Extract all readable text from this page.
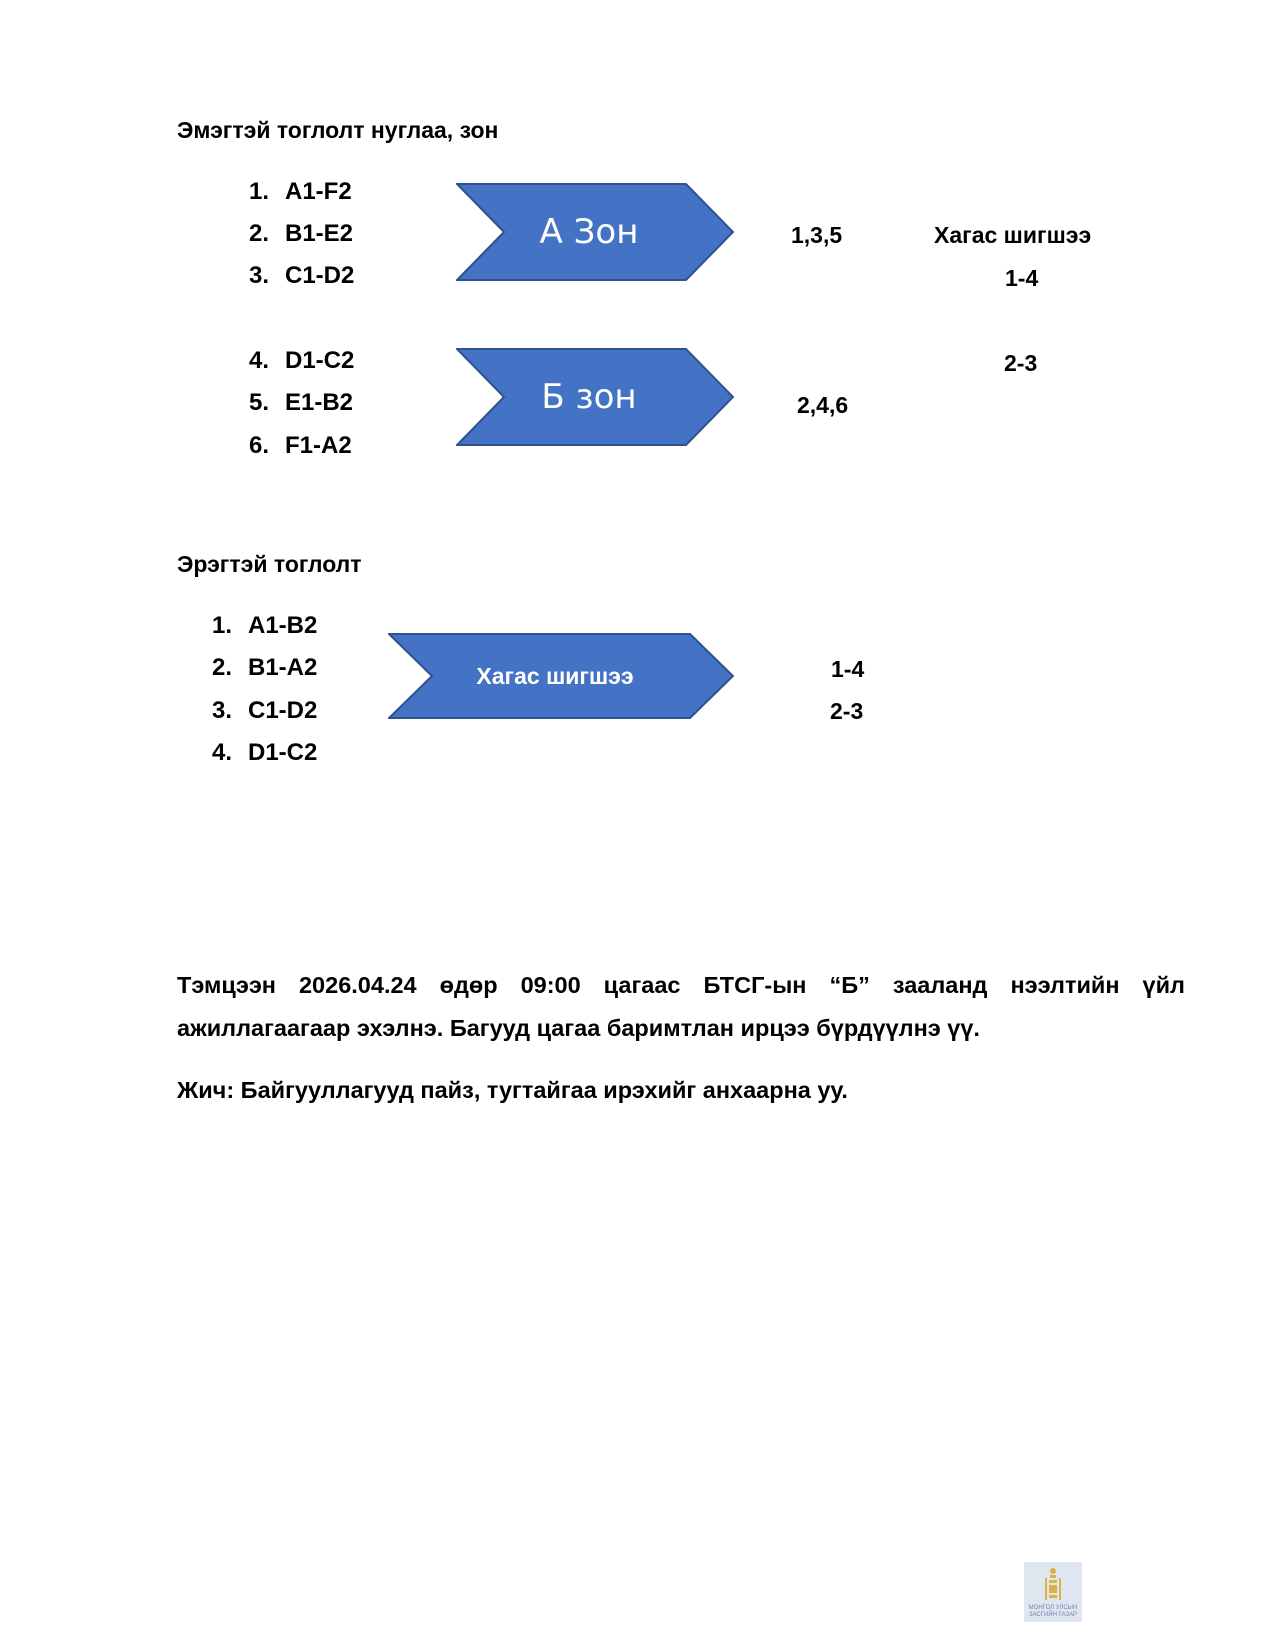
Эмэгтэй тоглолт нуглаа, зон
1. A1-F2
2. B1-E2
3. C1-D2
4. D1-C2
5. E1-B2
6. F1-A2
А Зон
Б зон
1,3,5
2,4,6
Хагас шигшээ
1-4
2-3
Эрэгтэй тоглолт
1. A1-B2
2. B1-A2
3. C1-D2
4. D1-C2
Хагас шигшээ	1-4
2-3
Тэмцээн 2026.04.24 өдөр 09:00 цагаас БТСГ-ын “Б” зааланд нээлтийн үйл ажиллагаагаар эхэлнэ. Багууд цагаа баримтлан ирцээ бүрдүүлнэ үү.
Жич: Байгууллагууд пайз, тугтайгаа ирэхийг анхаарна уу.
МОНГОЛ УЛСЫН
ЗАСГИЙН ГАЗАР
